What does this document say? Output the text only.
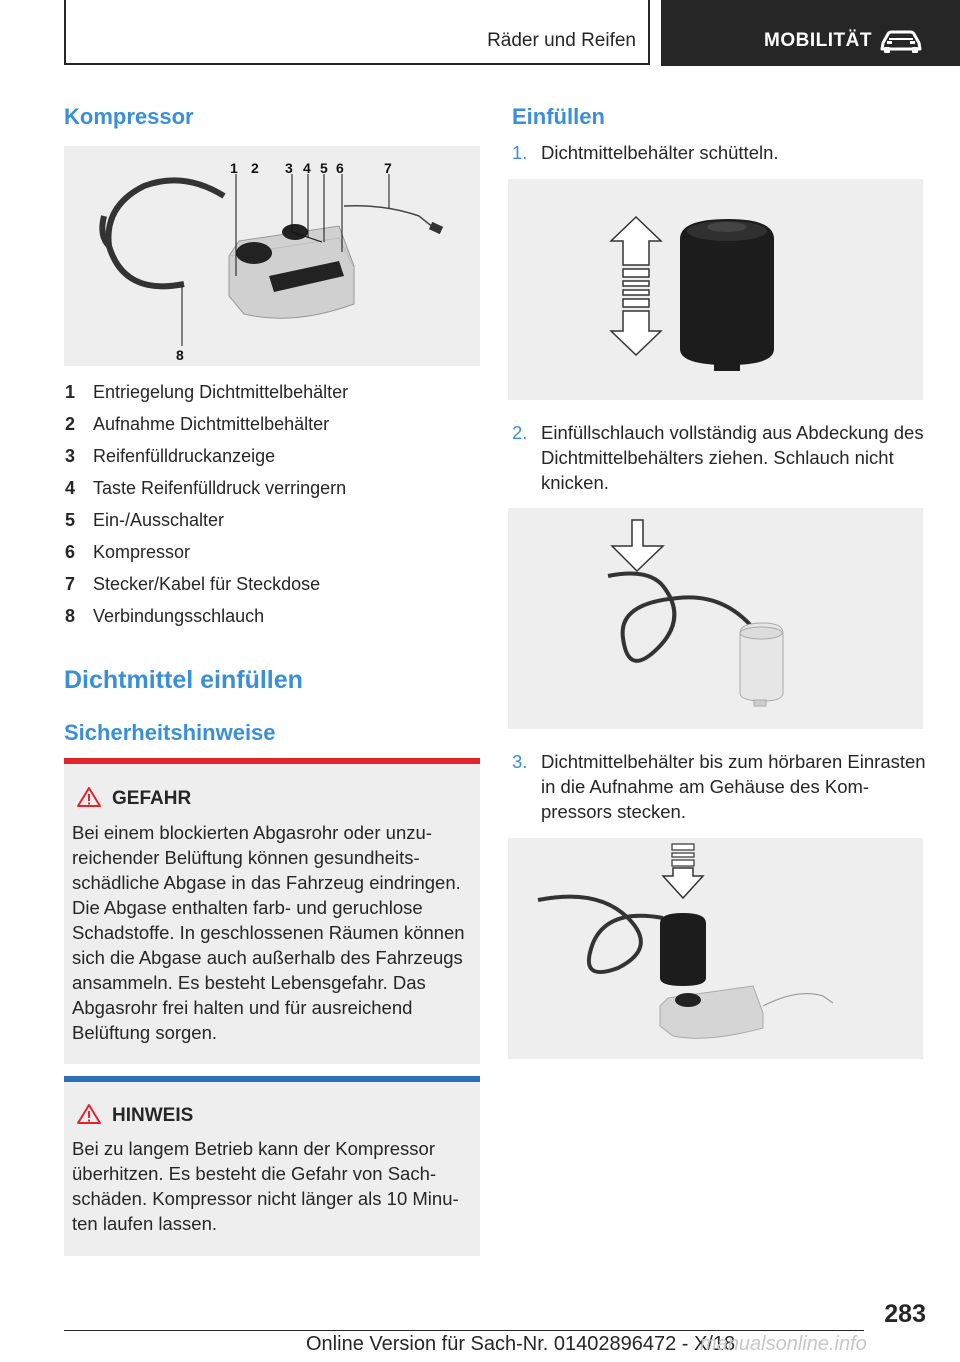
Räder und Reifen	MOBILITÄT
Kompressor
1 2 3 4 5 6	7
8
1 Entriegelung Dichtmittelbehälter
2 Aufnahme Dichtmittelbehälter
3 Reifenfülldruckanzeige
4 Taste Reifenfülldruck verringern
5 Ein-/Ausschalter
6 Kompressor
7 Stecker/Kabel für Steckdose
8 Verbindungsschlauch
Dichtmittel einfüllen
Sicherheitshinweise
GEFAHR
Bei einem blockierten Abgasrohr oder unzureichender Belüftung können gesundheitsschädliche Abgase in das Fahrzeug eindringen. Die Abgase enthalten farb- und geruchlose Schadstoffe. In geschlossenen Räumen können sich die Abgase auch außerhalb des Fahrzeugs ansammeln. Es besteht Lebensgefahr. Das Abgasrohr frei halten und für ausreichend Belüftung sorgen.
HINWEIS
Bei zu langem Betrieb kann der Kompressor überhitzen. Es besteht die Gefahr von Sachschäden. Kompressor nicht länger als 10 Minuten laufen lassen.
Einfüllen
1. Dichtmittelbehälter schütteln.
2. Einfüllschlauch vollständig aus Abdeckung des Dichtmittelbehälters ziehen. Schlauch nicht knicken.
3. Dichtmittelbehälter bis zum hörbaren Einrasten in die Aufnahme am Gehäuse des Kompressors stecken.
283
Online Version für Sach-Nr. 01402896472 - X/18
manualsonline.info
